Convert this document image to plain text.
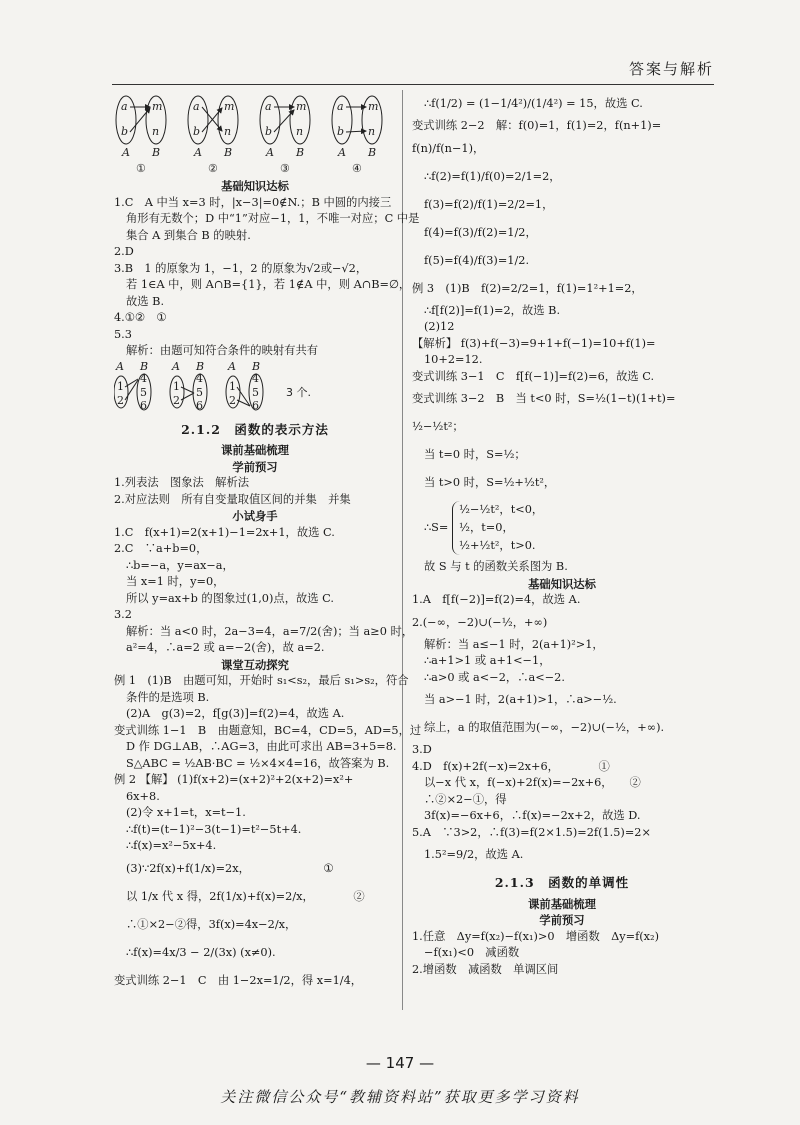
答案与解析
a
b
m
n
A B
①
a
b
m
n
A B
②
a
b
m
n
A B
③
a
b
m
n
A B
④
基础知识达标
1.C　A 中当 x=3 时，|x−3|=0∉N.；B 中圆的内接三
角形有无数个；D 中“1”对应−1，1，不唯一对应；C 中是
集合 A 到集合 B 的映射.
2.D
3.B　1 的原象为 1，−1，2 的原象为√2或−√2，
若 1∈A 中，则 A∩B={1}，若 1∉A 中，则 A∩B=∅，
故选 B.
4.①②　①
5.3
解析：由题可知符合条件的映射有共有
A B
1
2
4
5
6
A B
1
2
4
5
6
A B
1
2
4
5
6
3 个.
2.1.2　函数的表示方法
课前基础梳理
学前预习
1.列表法　图象法　解析法
2.对应法则　所有自变量取值区间的并集　并集
小试身手
1.C　f(x+1)=2(x+1)−1=2x+1，故选 C.
2.C　∵a+b=0，
∴b=−a，y=ax−a，
当 x=1 时，y=0，
所以 y=ax+b 的图象过(1,0)点，故选 C.
3.2
解析：当 a<0 时，2a−3=4，a=7/2(舍)；当 a≥0 时，
a²=4，∴a=2 或 a=−2(舍)，故 a=2.
课堂互动探究
例 1　(1)B　由题可知，开始时 s₁<s₂，最后 s₁>s₂，符合
条件的是选项 B.
(2)A　g(3)=2，f[g(3)]=f(2)=4，故选 A.
变式训练 1−1　B　由题意知，BC=4，CD=5，AD=5，过
D 作 DG⊥AB，∴AG=3，由此可求出 AB=3+5=8.
S△ABC = ½AB·BC = ½×4×4=16，故答案为 B.
例 2 【解】 (1)f(x+2)=(x+2)²+2(x+2)=x²+
6x+8.
(2)令 x+1=t，x=t−1.
∴f(t)=(t−1)²−3(t−1)=t²−5t+4.
∴f(x)=x²−5x+4.
(3)∵2f(x)+f(1/x)=2x，　　　　　　　①
以 1/x 代 x 得，2f(1/x)+f(x)=2/x，　　　　②
∴①×2−②得，3f(x)=4x−2/x，
∴f(x)=4x/3 − 2/(3x) (x≠0).
变式训练 2−1　C　由 1−2x=1/2，得 x=1/4，
∴f(1/2) = (1−1/4²)/(1/4²) = 15，故选 C.
变式训练 2−2　解：f(0)=1，f(1)=2，f(n+1)=
f(n)/f(n−1)，
∴f(2)=f(1)/f(0)=2/1=2，
f(3)=f(2)/f(1)=2/2=1，
f(4)=f(3)/f(2)=1/2，
f(5)=f(4)/f(3)=1/2.
例 3　(1)B　f(2)=2/2=1，f(1)=1²+1=2，
∴f[f(2)]=f(1)=2，故选 B.
(2)12
【解析】 f(3)+f(−3)=9+1+f(−1)=10+f(1)=
10+2=12.
变式训练 3−1　C　f[f(−1)]=f(2)=6，故选 C.
变式训练 3−2　B　当 t<0 时，S=½(1−t)(1+t)=
½−½t²；
当 t=0 时，S=½；
当 t>0 时，S=½+½t²，
∴S=
½−½t²，t<0，
½，t=0，
½+½t²，t>0.
故 S 与 t 的函数关系图为 B.
基础知识达标
1.A　f[f(−2)]=f(2)=4，故选 A.
2.(−∞，−2)∪(−½，+∞)
解析：当 a≤−1 时，2(a+1)²>1，
∴a+1>1 或 a+1<−1，
∴a>0 或 a<−2，∴a<−2.
当 a>−1 时，2(a+1)>1，∴a>−½.
综上，a 的取值范围为(−∞，−2)∪(−½，+∞).
3.D
4.D　f(x)+2f(−x)=2x+6，　　　　①
以−x 代 x，f(−x)+2f(x)=−2x+6，　　②
∴②×2−①，得
3f(x)=−6x+6，∴f(x)=−2x+2，故选 D.
5.A　∵3>2，∴f(3)=f(2×1.5)=2f(1.5)=2×
1.5²=9/2，故选 A.
2.1.3　函数的单调性
课前基础梳理
学前预习
1.任意　Δy=f(x₂)−f(x₁)>0　增函数　Δy=f(x₂)
−f(x₁)<0　减函数
2.增函数　减函数　单调区间
— 147 —
关注微信公众号“教辅资料站”获取更多学习资料
